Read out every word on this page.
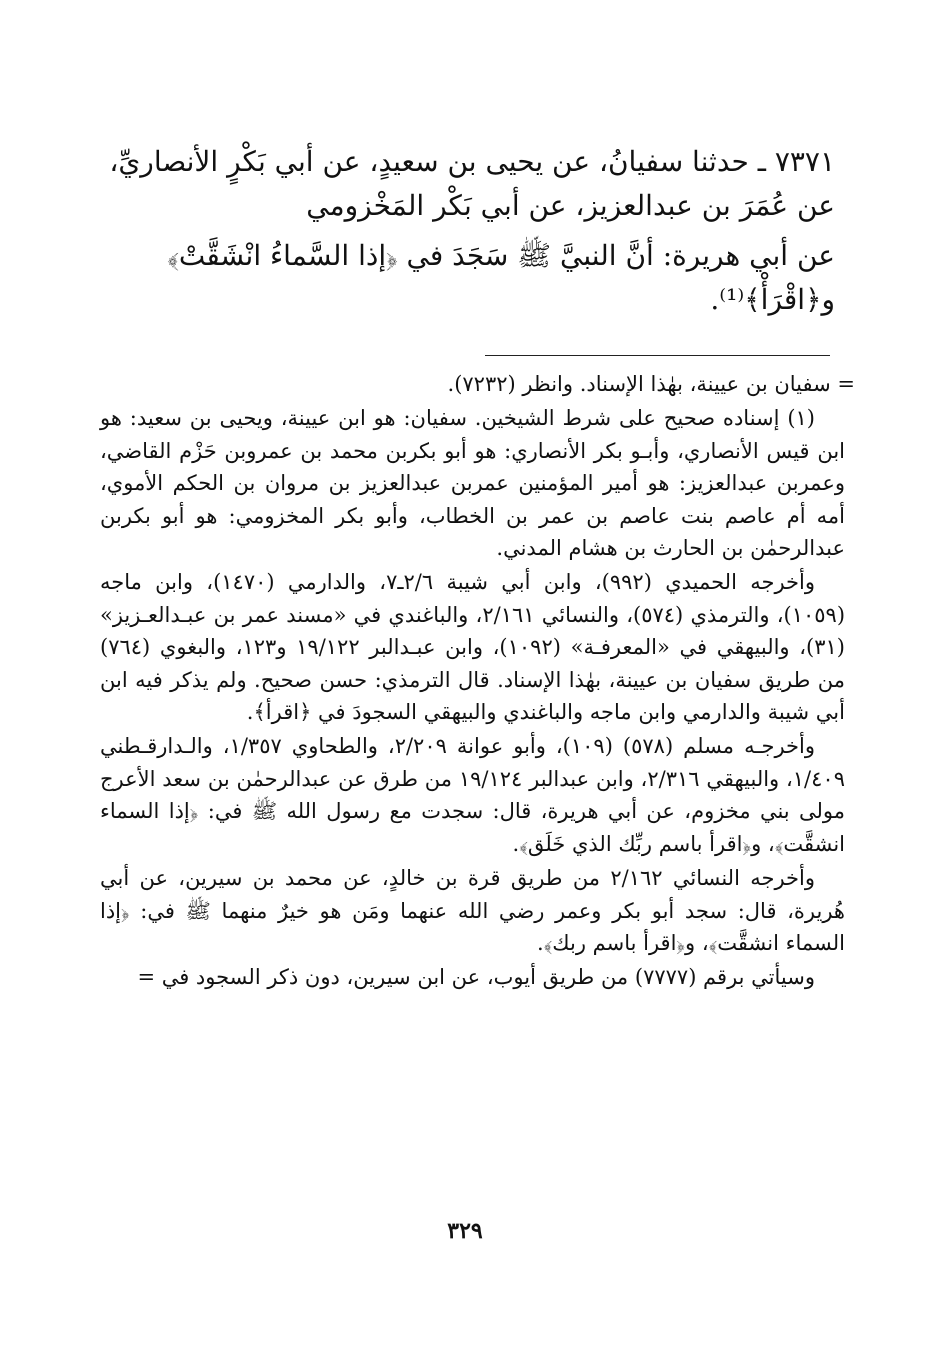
٧٣٧١ ـ حدثنا سفيانُ، عن يحيى بن سعيدٍ، عن أبي بَكْرٍ الأنصاريِّ،
عن عُمَرَ بن عبدالعزيز، عن أبي بَكْر المَخْزومي

عن أبي هريرة: أنَّ النبيَّ ﷺ سَجَدَ في ﴿إذا السَّماءُ انْشَقَّتْ﴾
و﴿اقْرَأْ﴾⁽¹⁾.

= سفيان بن عيينة، بهٰذا الإسناد. وانظر (٧٢٣٢).

(١) إسناده صحيح على شرط الشيخين. سفيان: هو ابن عيينة، ويحيى بن سعيد: هو ابن قيس الأنصاري، وأبـو بكر الأنصاري: هو أبو بكربن محمد بن عمروبن حَزْم القاضي، وعمربن عبدالعزيز: هو أمير المؤمنين عمربن عبدالعزيز بن مروان بن الحكم الأموي، أمه أم عاصم بنت عاصم بن عمر بن الخطاب، وأبو بكر المخزومي: هو أبو بكربن عبدالرحمٰن بن الحارث بن هشام المدني.

وأخرجه الحميدي (٩٩٢)، وابن أبي شيبة ٢/٦ـ٧، والدارمي (١٤٧٠)، وابن ماجه (١٠٥٩)، والترمذي (٥٧٤)، والنسائي ٢/١٦١، والباغندي في «مسند عمر بن عبـدالعـزيز» (٣١)، والبيهقي في «المعرفـة» (١٠٩٢)، وابن عبـدالبر ١٩/١٢٢ و١٢٣، والبغوي (٧٦٤) من طريق سفيان بن عيينة، بهٰذا الإسناد. قال الترمذي: حسن صحيح. ولم يذكر فيه ابن أبي شيبة والدارمي وابن ماجه والباغندي والبيهقي السجودَ في ﴿اقرأ﴾.

وأخرجـه مسلم (٥٧٨) (١٠٩)، وأبو عوانة ٢/٢٠٩، والطحاوي ١/٣٥٧، والـدارقـطني ١/٤٠٩، والبيهقي ٢/٣١٦، وابن عبدالبر ١٩/١٢٤ من طرق عن عبدالرحمٰن بن سعد الأعرج مولى بني مخزوم، عن أبي هريرة، قال: سجدت مع رسول الله ﷺ في: ﴿إذا السماء انشقَّت﴾، و﴿اقرأ باسم ربِّك الذي خَلَق﴾.

وأخرجه النسائي ٢/١٦٢ من طريق قرة بن خالدٍ، عن محمد بن سيرين، عن أبي هُريرة، قال: سجد أبو بكر وعمر رضي الله عنهما ومَن هو خيرٌ منهما ﷺ في: ﴿إذا السماء انشقَّت﴾، و﴿اقرأ باسم ربك﴾.

وسيأتي برقم (٧٧٧٧) من طريق أيوب، عن ابن سيرين، دون ذكر السجود في =

٣٢٩
